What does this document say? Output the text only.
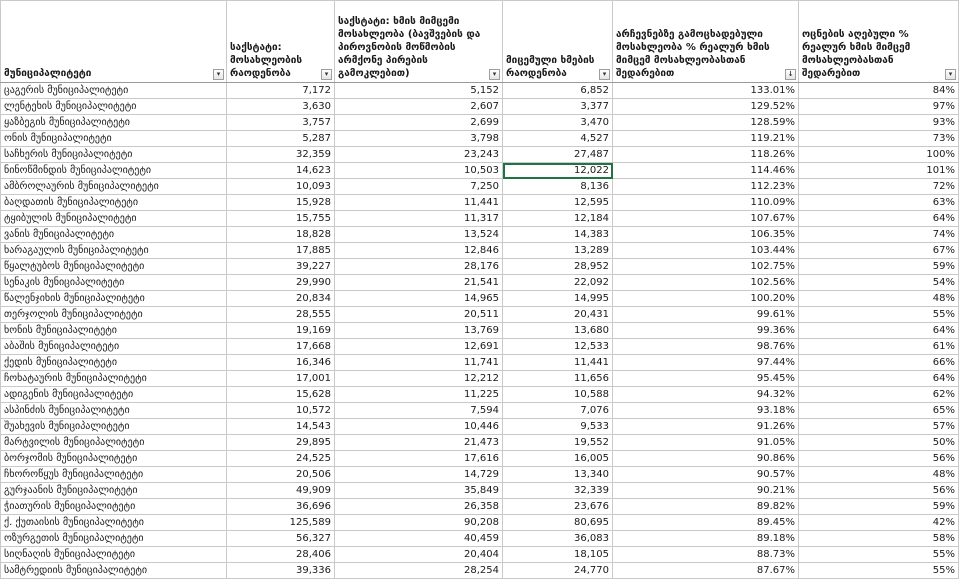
მუნიციპალიტეტი ▾	საქსტატი: მოსახლეობის რაოდენობა ▾	საქსტატი: ხმის მიმცემი მოსახლეობა (ბავშვების და პიროვნობის მოწმობის არმქონე პირების გამოკლებით) ▾	მიცემული ხმების რაოდენობა ▾	არჩევნებზე გამოცხადებული მოსახლეობა % რეალურ ხმის მიმცემ მოსახლეობასთან შედარებით ↓	ოცნების აღებული % რეალურ ხმის მიმცემ მოსახლეობასთან შედარებით ▾

ცაგერის მუნიციპალიტეტი	7,172	5,152	6,852	133.01%	84%
ლენტეხის მუნიციპალიტეტი	3,630	2,607	3,377	129.52%	97%
ყაზბეგის მუნიციპალიტეტი	3,757	2,699	3,470	128.59%	93%
ონის მუნიციპალიტეტი	5,287	3,798	4,527	119.21%	73%
საჩხერის მუნიციპალიტეტი	32,359	23,243	27,487	118.26%	100%
ნინოწმინდის მუნიციპალიტეტი	14,623	10,503	12,022	114.46%	101%
ამბროლაურის მუნიციპალიტეტი	10,093	7,250	8,136	112.23%	72%
ბაღდათის მუნიციპალიტეტი	15,928	11,441	12,595	110.09%	63%
ტყიბულის მუნიციპალიტეტი	15,755	11,317	12,184	107.67%	64%
ვანის მუნიციპალიტეტი	18,828	13,524	14,383	106.35%	74%
ხარაგაულის მუნიციპალიტეტი	17,885	12,846	13,289	103.44%	67%
წყალტუბოს მუნიციპალიტეტი	39,227	28,176	28,952	102.75%	59%
სენაკის მუნიციპალიტეტი	29,990	21,541	22,092	102.56%	54%
წალენჯიხის მუნიციპალიტეტი	20,834	14,965	14,995	100.20%	48%
თერჯოლის მუნიციპალიტეტი	28,555	20,511	20,431	99.61%	55%
ხონის მუნიციპალიტეტი	19,169	13,769	13,680	99.36%	64%
აბაშის მუნიციპალიტეტი	17,668	12,691	12,533	98.76%	61%
ქედის მუნიციპალიტეტი	16,346	11,741	11,441	97.44%	66%
ჩოხატაურის მუნიციპალიტეტი	17,001	12,212	11,656	95.45%	64%
ადიგენის მუნიციპალიტეტი	15,628	11,225	10,588	94.32%	62%
ასპინძის მუნიციპალიტეტი	10,572	7,594	7,076	93.18%	65%
შუახევის მუნიციპალიტეტი	14,543	10,446	9,533	91.26%	57%
მარტვილის მუნიციპალიტეტი	29,895	21,473	19,552	91.05%	50%
ბორჯომის მუნიციპალიტეტი	24,525	17,616	16,005	90.86%	56%
ჩხოროწყუს მუნიციპალიტეტი	20,506	14,729	13,340	90.57%	48%
გურჯაანის მუნიციპალიტეტი	49,909	35,849	32,339	90.21%	56%
ჭიათურის მუნიციპალიტეტი	36,696	26,358	23,676	89.82%	59%
ქ. ქუთაისის მუნიციპალიტეტი	125,589	90,208	80,695	89.45%	42%
ოზურგეთის მუნიციპალიტეტი	56,327	40,459	36,083	89.18%	58%
სიღნაღის მუნიციპალიტეტი	28,406	20,404	18,105	88.73%	55%
სამტრედიის მუნიციპალიტეტი	39,336	28,254	24,770	87.67%	55%
